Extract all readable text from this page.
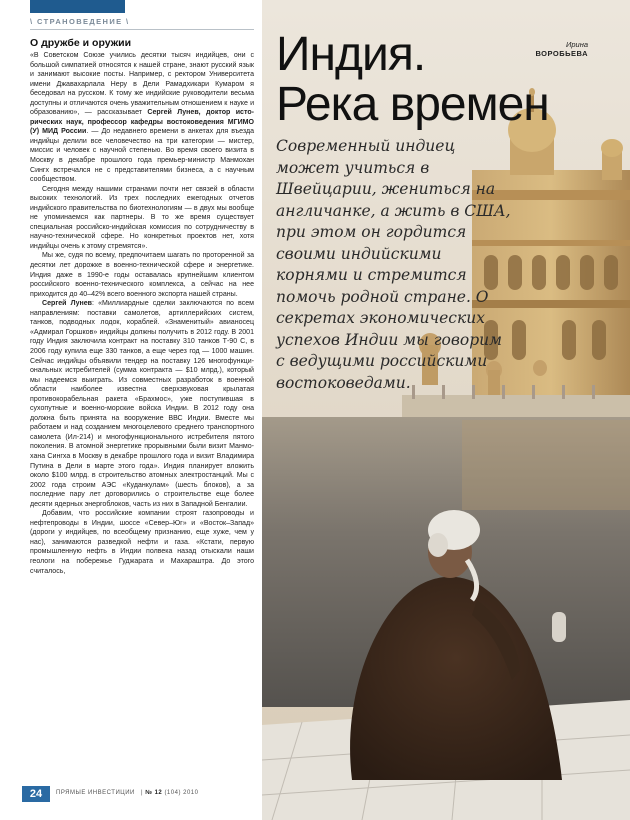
\ СТРАНОВЕДЕНИЕ \
О дружбе и оружии

«В Советском Союзе учились десятки тысяч индийцев, они с большой симпатией относятся к нашей стране, знают русский язык и занимают высокие посты. Например, с ректором Университета имени Джавахарлала Неру в Дели Рамадхикари Кумаром я беседовал на русском. К тому же индийские руководители весьма доступны и отличаются очень уважительным отношением к науке и образованию», — рассказывает Сергей Лунев, доктор исторических наук, профессор кафедры востоковедения МГИМО (У) МИД России. — До недавнего времени в анкетах для въезда индийцы делили все человечество на три категории — мистер, миссис и человек с научной степенью. Во время своего визита в Москву в декабре прошлого года премьер-министр Манмохан Сингх встречался не с представителями бизнеса, а с научным сообществом.

Сегодня между нашими странами почти нет связей в области высоких технологий. Из трех последних ежегодных отчетов индийского правительства по биотехнологиям — в двух мы вообще не упоминаемся как партнеры. В то же время существует специальная российско-индийская комиссия по сотрудничеству в научно-технической сфере. Но конкретных проектов нет, хотя индийцы очень к этому стремятся».

Мы же, судя по всему, предпочитаем шагать по проторенной за десятки лет дорожке в военно-технической сфере и энергетике. Индия даже в 1990-е годы оставалась крупнейшим клиентом российского военно-технического комплекса, а сейчас на нее приходится до 40–42% всего военного экспорта нашей страны.

Сергей Лунев: «Миллиардные сделки заключаются по всем направлениям: поставки самолетов, артиллерийских систем, танков, подводных лодок, кораблей. «Знаменитый» авианосец «Адмирал Горшков» индийцы должны получить в 2012 году. В 2001 году Индия заключила контракт на поставку 310 танков Т-90 С, в 2006 году купила еще 330 танков, а еще через год — 1000 машин. Сейчас индийцы объявили тендер на поставку 126 многофункциональных истребителей (сумма контракта — $10 млрд.), который мы надеемся выиграть. Из совместных разработок в военной области наиболее известна сверхзвуковая крылатая противокорабельная ракета «Брахмос», уже поступившая в сухопутные и военно-морские войска Индии. В 2012 году она должна быть принята на вооружение ВВС Индии. Вместе мы работаем и над созданием многоцелевого среднего транспортного самолета (Ил-214) и многофункционального истребителя пятого поколения. В атомной энергетике прорывными были визит Манмохана Сингха в Москву в декабре прошлого года и визит Владимира Путина в Дели в марте этого года». Индия планирует вложить около $100 млрд. в строительство атомных электростанций. Мы с 2002 года строим АЭС «Куданкулам» (шесть блоков), а за последние пару лет договорились о строительстве еще более десяти ядерных энергоблоков, часть из них в Западной Бенгалии.

Добавим, что российские компании строят газопроводы и нефтепроводы в Индии, шоссе «Север–Юг» и «Восток–Запад» (дороги у индийцев, по всеобщему признанию, еще хуже, чем у нас), занимаются разведкой нефти и газа. «Кстати, первую промышленную нефть в Индии полвека назад отыскали наши геологи на побережье Гуджарата и Махараштра. До этого считалось,

Индия.
Река времен
Ирина
ВОРОБЬЕВА
Современный индиец может учиться в Швейцарии, жениться на англичанке, а жить в США, при этом он гордится своими индийскими корнями и стремится помочь родной стране. О секретах экономических успехов Индии мы говорим с ведущими российскими востоковедами.
24	ПРЯМЫЕ ИНВЕСТИЦИИ | № 12 (104) 2010
